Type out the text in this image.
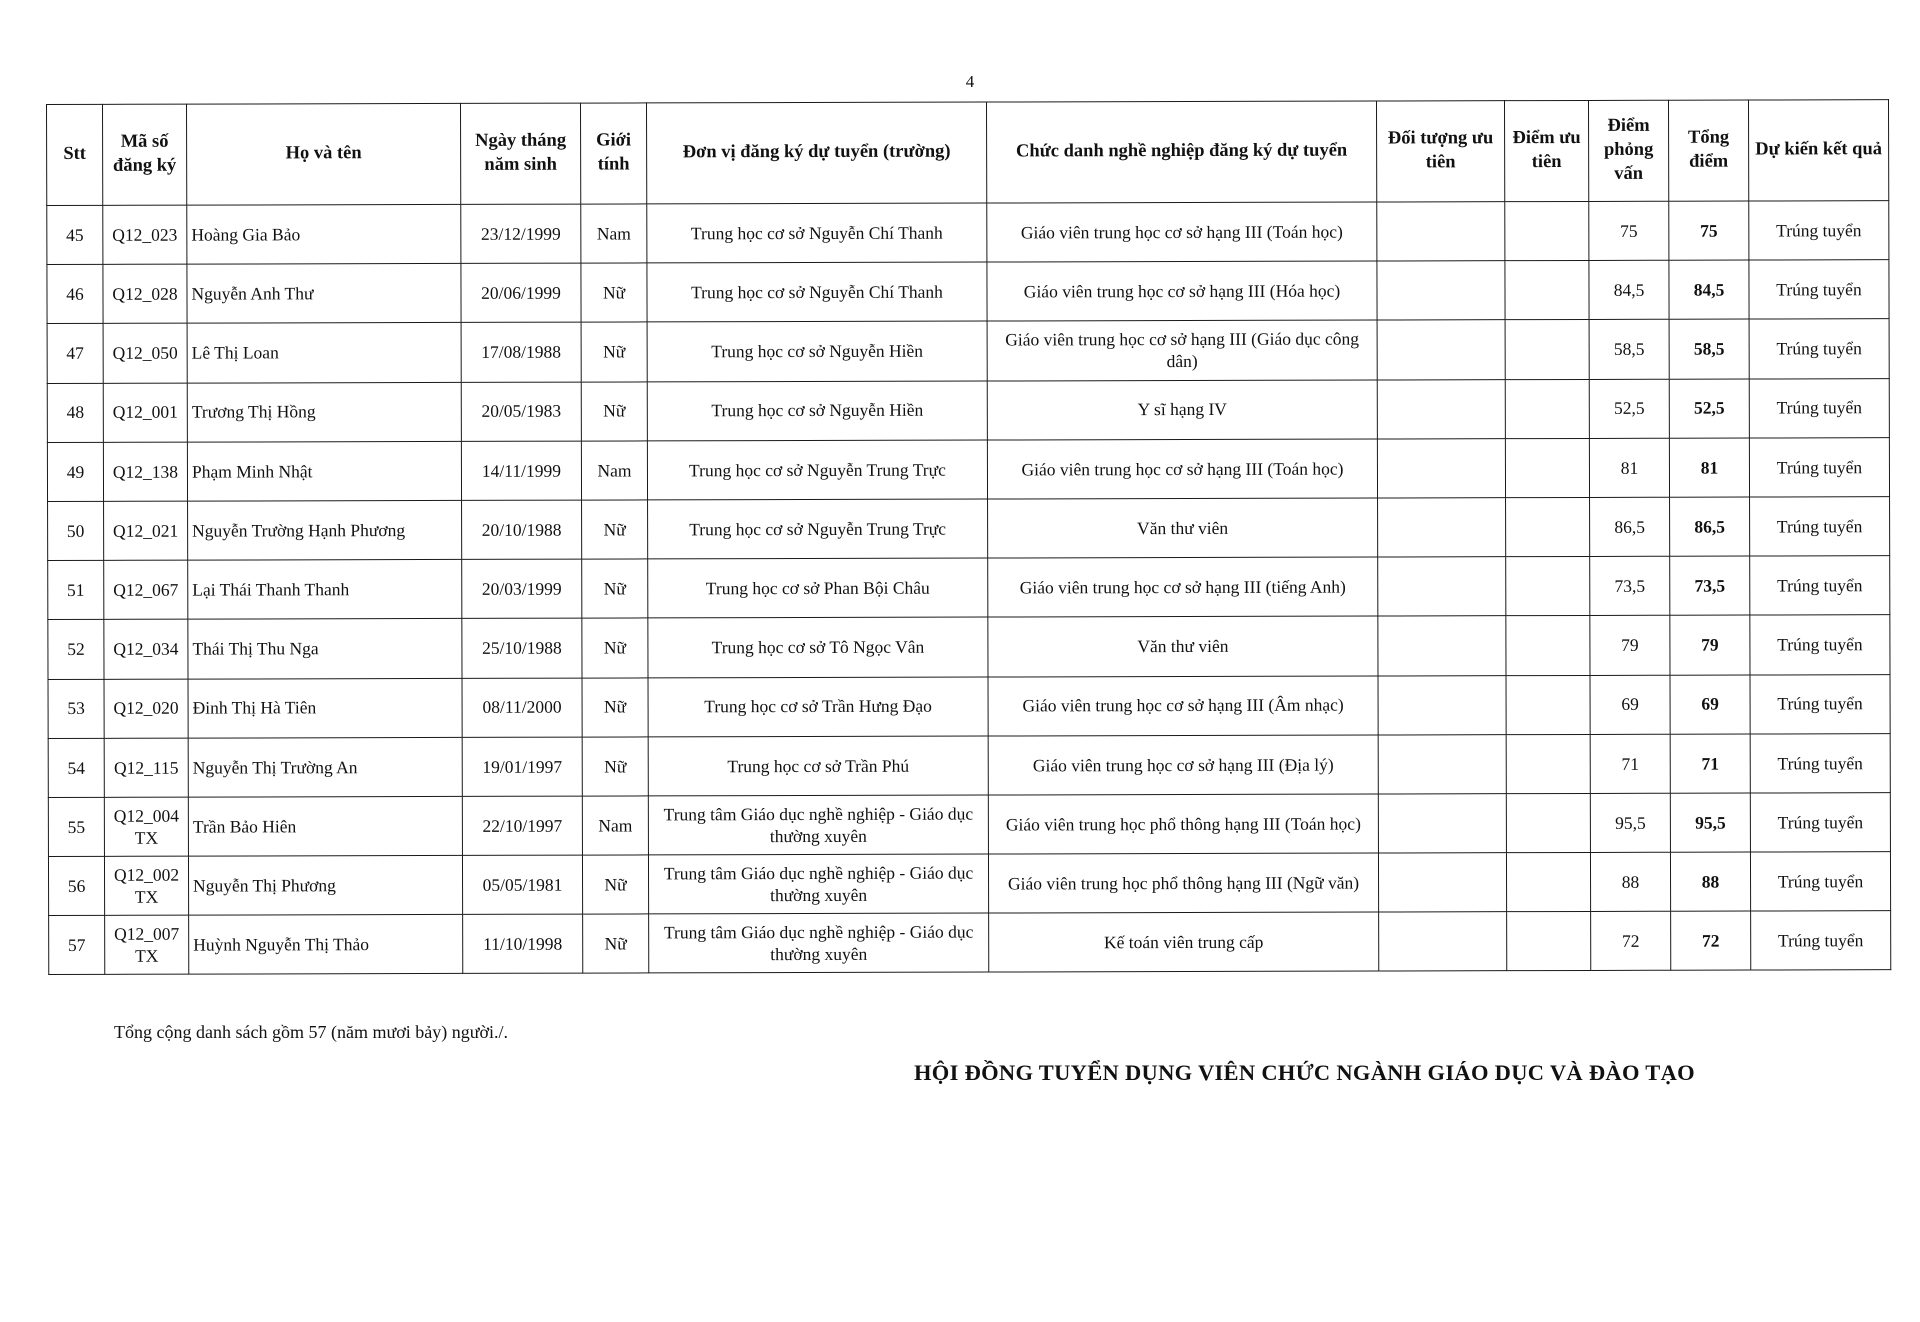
4
Stt	Mã số đăng ký	Họ và tên	Ngày tháng năm sinh	Giới tính	Đơn vị đăng ký dự tuyển (trường)	Chức danh nghề nghiệp đăng ký dự tuyển	Đối tượng ưu tiên	Điểm ưu tiên	Điểm phỏng vấn	Tổng điểm	Dự kiến kết quả
45	Q12_023	Hoàng Gia Bảo	23/12/1999	Nam	Trung học cơ sở Nguyễn Chí Thanh	Giáo viên trung học cơ sở hạng III (Toán học)			75	75	Trúng tuyển
46	Q12_028	Nguyễn Anh Thư	20/06/1999	Nữ	Trung học cơ sở Nguyễn Chí Thanh	Giáo viên trung học cơ sở hạng III (Hóa học)			84,5	84,5	Trúng tuyển
47	Q12_050	Lê Thị Loan	17/08/1988	Nữ	Trung học cơ sở Nguyễn Hiền	Giáo viên trung học cơ sở hạng III (Giáo dục công dân)			58,5	58,5	Trúng tuyển
48	Q12_001	Trương Thị Hồng	20/05/1983	Nữ	Trung học cơ sở Nguyễn Hiền	Y sĩ hạng IV			52,5	52,5	Trúng tuyển
49	Q12_138	Phạm Minh Nhật	14/11/1999	Nam	Trung học cơ sở Nguyễn Trung Trực	Giáo viên trung học cơ sở hạng III (Toán học)			81	81	Trúng tuyển
50	Q12_021	Nguyễn Trường Hạnh Phương	20/10/1988	Nữ	Trung học cơ sở Nguyễn Trung Trực	Văn thư viên			86,5	86,5	Trúng tuyển
51	Q12_067	Lại Thái Thanh Thanh	20/03/1999	Nữ	Trung học cơ sở Phan Bội Châu	Giáo viên trung học cơ sở hạng III (tiếng Anh)			73,5	73,5	Trúng tuyển
52	Q12_034	Thái Thị Thu Nga	25/10/1988	Nữ	Trung học cơ sở Tô Ngọc Vân	Văn thư viên			79	79	Trúng tuyển
53	Q12_020	Đinh Thị Hà Tiên	08/11/2000	Nữ	Trung học cơ sở Trần Hưng Đạo	Giáo viên trung học cơ sở hạng III (Âm nhạc)			69	69	Trúng tuyển
54	Q12_115	Nguyễn Thị Trường An	19/01/1997	Nữ	Trung học cơ sở Trần Phú	Giáo viên trung học cơ sở hạng III (Địa lý)			71	71	Trúng tuyển
55	Q12_004 TX	Trần Bảo Hiên	22/10/1997	Nam	Trung tâm Giáo dục nghề nghiệp - Giáo dục thường xuyên	Giáo viên trung học phổ thông hạng III (Toán học)			95,5	95,5	Trúng tuyển
56	Q12_002 TX	Nguyễn Thị Phương	05/05/1981	Nữ	Trung tâm Giáo dục nghề nghiệp - Giáo dục thường xuyên	Giáo viên trung học phổ thông hạng III (Ngữ văn)			88	88	Trúng tuyển
57	Q12_007 TX	Huỳnh Nguyễn Thị Thảo	11/10/1998	Nữ	Trung tâm Giáo dục nghề nghiệp - Giáo dục thường xuyên	Kế toán viên trung cấp			72	72	Trúng tuyển
Tổng cộng danh sách gồm 57 (năm mươi bảy) người./.
HỘI ĐỒNG TUYỂN DỤNG VIÊN CHỨC NGÀNH GIÁO DỤC VÀ ĐÀO TẠO
